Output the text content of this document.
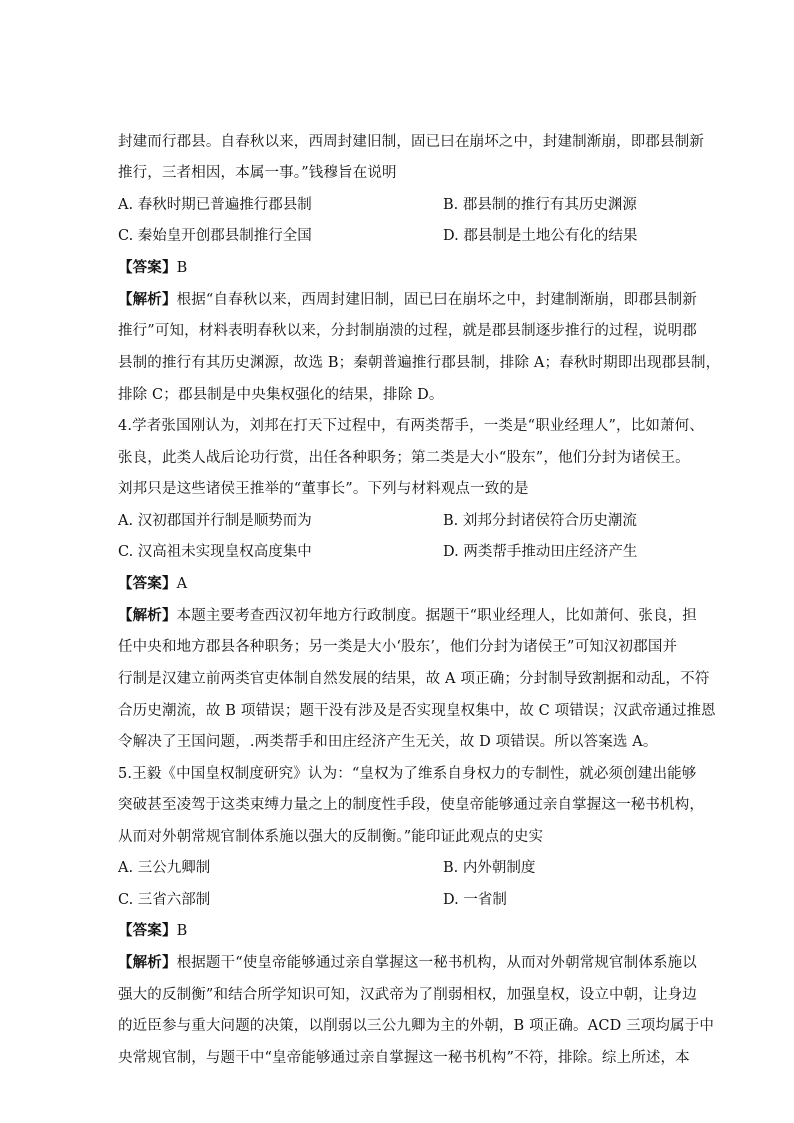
封建而行郡县。自春秋以来，西周封建旧制，固已曰在崩坏之中，封建制渐崩，即郡县制新
推行，三者相因，本属一事。”钱穆旨在说明
A. 春秋时期已普遍推行郡县制	B. 郡县制的推行有其历史渊源
C. 秦始皇开创郡县制推行全国	D. 郡县制是土地公有化的结果
【答案】B
【解析】根据“自春秋以来，西周封建旧制，固已曰在崩坏之中，封建制渐崩，即郡县制新
推行”可知，材料表明春秋以来，分封制崩溃的过程，就是郡县制逐步推行的过程，说明郡
县制的推行有其历史渊源，故选 B；秦朝普遍推行郡县制，排除 A；春秋时期即出现郡县制，
排除 C；郡县制是中央集权强化的结果，排除 D。
4.学者张国刚认为，刘邦在打天下过程中，有两类帮手，一类是“职业经理人”，比如萧何、
张良，此类人战后论功行赏，出任各种职务；第二类是大小“股东”，他们分封为诸侯王。
刘邦只是这些诸侯王推举的“董事长”。下列与材料观点一致的是
A. 汉初郡国并行制是顺势而为	B. 刘邦分封诸侯符合历史潮流
C. 汉高祖未实现皇权高度集中	D. 两类帮手推动田庄经济产生
【答案】A
【解析】本题主要考查西汉初年地方行政制度。据题干“职业经理人，比如萧何、张良，担
任中央和地方郡县各种职务；另一类是大小‘股东’，他们分封为诸侯王”可知汉初郡国并
行制是汉建立前两类官吏体制自然发展的结果，故 A 项正确；分封制导致割据和动乱，不符
合历史潮流，故 B 项错误；题干没有涉及是否实现皇权集中，故 C 项错误；汉武帝通过推恩
令解决了王国问题，.两类帮手和田庄经济产生无关，故 D 项错误。所以答案选 A。
5.王毅《中国皇权制度研究》认为：“皇权为了维系自身权力的专制性，就必须创建出能够
突破甚至凌驾于这类束缚力量之上的制度性手段，使皇帝能够通过亲自掌握这一秘书机构，
从而对外朝常规官制体系施以强大的反制衡。”能印证此观点的史实
A. 三公九卿制	B. 内外朝制度
C. 三省六部制	D. 一省制
【答案】B
【解析】根据题干“使皇帝能够通过亲自掌握这一秘书机构，从而对外朝常规官制体系施以
强大的反制衡”和结合所学知识可知，汉武帝为了削弱相权，加强皇权，设立中朝，让身边
的近臣参与重大问题的决策，以削弱以三公九卿为主的外朝，B 项正确。ACD 三项均属于中
央常规官制，与题干中“皇帝能够通过亲自掌握这一秘书机构”不符，排除。综上所述，本
